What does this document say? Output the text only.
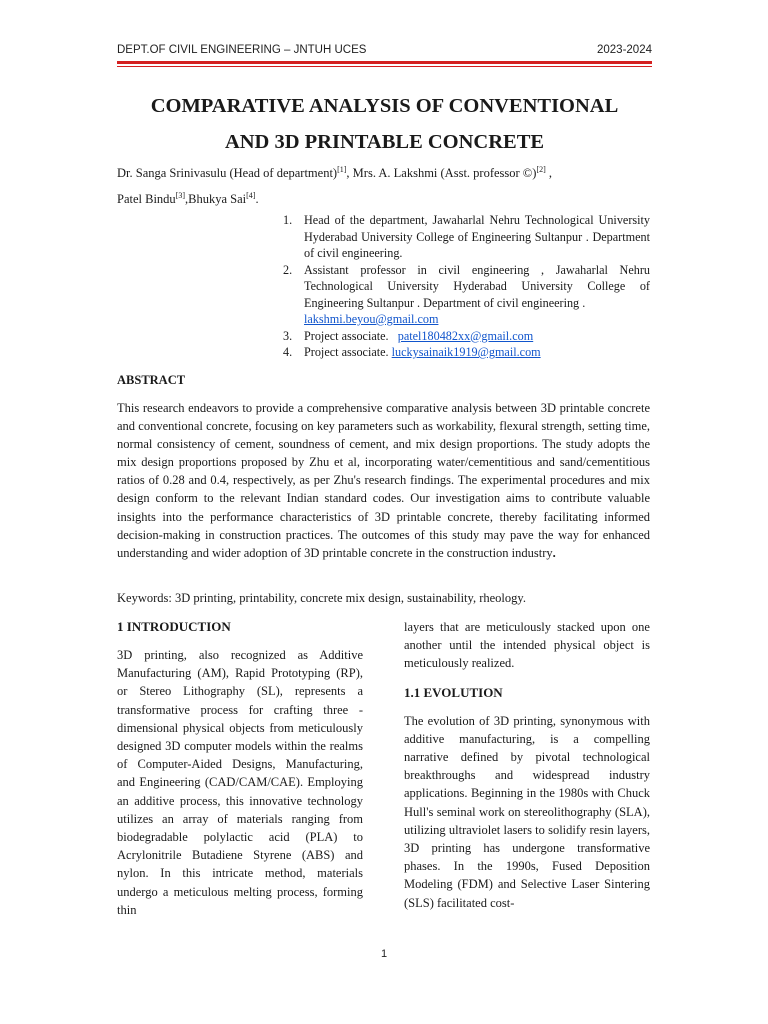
DEPT.OF CIVIL ENGINEERING – JNTUH UCES	2023-2024
COMPARATIVE ANALYSIS OF CONVENTIONAL
AND 3D PRINTABLE CONCRETE
Dr. Sanga Srinivasulu (Head of department)[1], Mrs. A. Lakshmi (Asst. professor ©)[2] ,
Patel Bindu[3],Bhukya Sai[4].
1. Head of the department, Jawaharlal Nehru Technological University Hyderabad University College of Engineering Sultanpur . Department of civil engineering.
2. Assistant professor in civil engineering , Jawaharlal Nehru Technological University Hyderabad University College of Engineering Sultanpur . Department of civil engineering .
lakshmi.beyou@gmail.com
3. Project associate.   patel180482xx@gmail.com
4. Project associate. luckysainaik1919@gmail.com
ABSTRACT

This research endeavors to provide a comprehensive comparative analysis between 3D printable concrete and conventional concrete, focusing on key parameters such as workability, flexural strength, setting time, normal consistency of cement, soundness of cement, and mix design proportions. The study adopts the mix design proportions proposed by Zhu et al, incorporating water/cementitious and sand/cementitious ratios of 0.28 and 0.4, respectively, as per Zhu's research findings. The experimental procedures and mix design conform to the relevant Indian standard codes. Our investigation aims to contribute valuable insights into the performance characteristics of 3D printable concrete, thereby facilitating informed decision-making in construction practices. The outcomes of this study may pave the way for enhanced understanding and wider adoption of 3D printable concrete in the construction industry.

Keywords: 3D printing, printability, concrete mix design, sustainability, rheology.

1 INTRODUCTION

3D printing, also recognized as Additive Manufacturing (AM), Rapid Prototyping (RP), or Stereo Lithography (SL), represents a transformative process for crafting three - dimensional physical objects from meticulously designed 3D computer models within the realms of Computer-Aided Designs, Manufacturing, and Engineering (CAD/CAM/CAE). Employing an additive process, this innovative technology utilizes an array of materials ranging from biodegradable polylactic acid (PLA) to Acrylonitrile Butadiene Styrene (ABS) and nylon. In this intricate method, materials undergo a meticulous melting process, forming thin

layers that are meticulously stacked upon one another until the intended physical object is meticulously realized.

1.1 EVOLUTION

The evolution of 3D printing, synonymous with additive manufacturing, is a compelling narrative defined by pivotal technological breakthroughs and widespread industry applications. Beginning in the 1980s with Chuck Hull's seminal work on stereolithography (SLA), utilizing ultraviolet lasers to solidify resin layers, 3D printing has undergone transformative phases. In the 1990s, Fused Deposition Modeling (FDM) and Selective Laser Sintering (SLS) facilitated cost-

1
